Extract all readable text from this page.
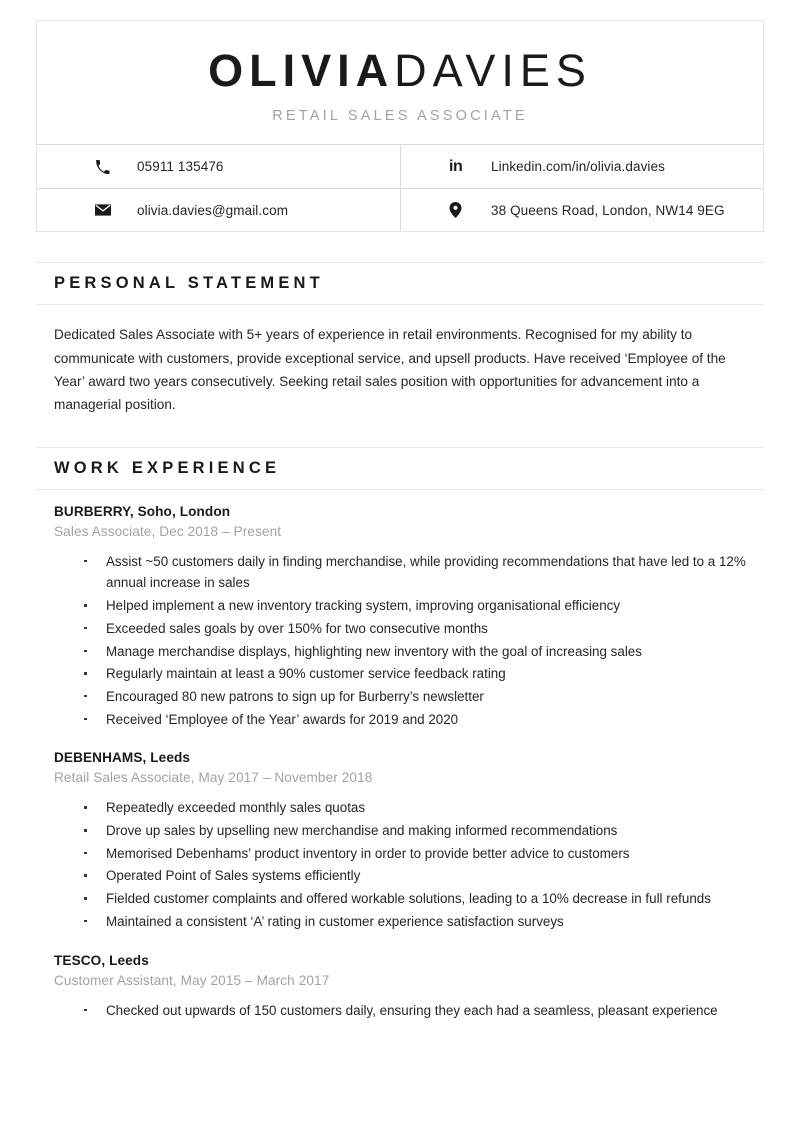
OLIVIADAVIES
RETAIL SALES ASSOCIATE
05911 135476	in Linkedin.com/in/olivia.davies
olivia.davies@gmail.com	38 Queens Road, London, NW14 9EG
PERSONAL STATEMENT

Dedicated Sales Associate with 5+ years of experience in retail environments. Recognised for my ability to communicate with customers, provide exceptional service, and upsell products. Have received ‘Employee of the Year’ award two years consecutively. Seeking retail sales position with opportunities for advancement into a managerial position.

WORK EXPERIENCE
BURBERRY, Soho, London
Sales Associate, Dec 2018 – Present
Assist ~50 customers daily in finding merchandise, while providing recommendations that have led to a 12% annual increase in sales
Helped implement a new inventory tracking system, improving organisational efficiency
Exceeded sales goals by over 150% for two consecutive months
Manage merchandise displays, highlighting new inventory with the goal of increasing sales
Regularly maintain at least a 90% customer service feedback rating
Encouraged 80 new patrons to sign up for Burberry’s newsletter
Received ‘Employee of the Year’ awards for 2019 and 2020
DEBENHAMS, Leeds
Retail Sales Associate, May 2017 – November 2018
Repeatedly exceeded monthly sales quotas
Drove up sales by upselling new merchandise and making informed recommendations
Memorised Debenhams’ product inventory in order to provide better advice to customers
Operated Point of Sales systems efficiently
Fielded customer complaints and offered workable solutions, leading to a 10% decrease in full refunds
Maintained a consistent ‘A’ rating in customer experience satisfaction surveys
TESCO, Leeds
Customer Assistant, May 2015 – March 2017
Checked out upwards of 150 customers daily, ensuring they each had a seamless, pleasant experience
